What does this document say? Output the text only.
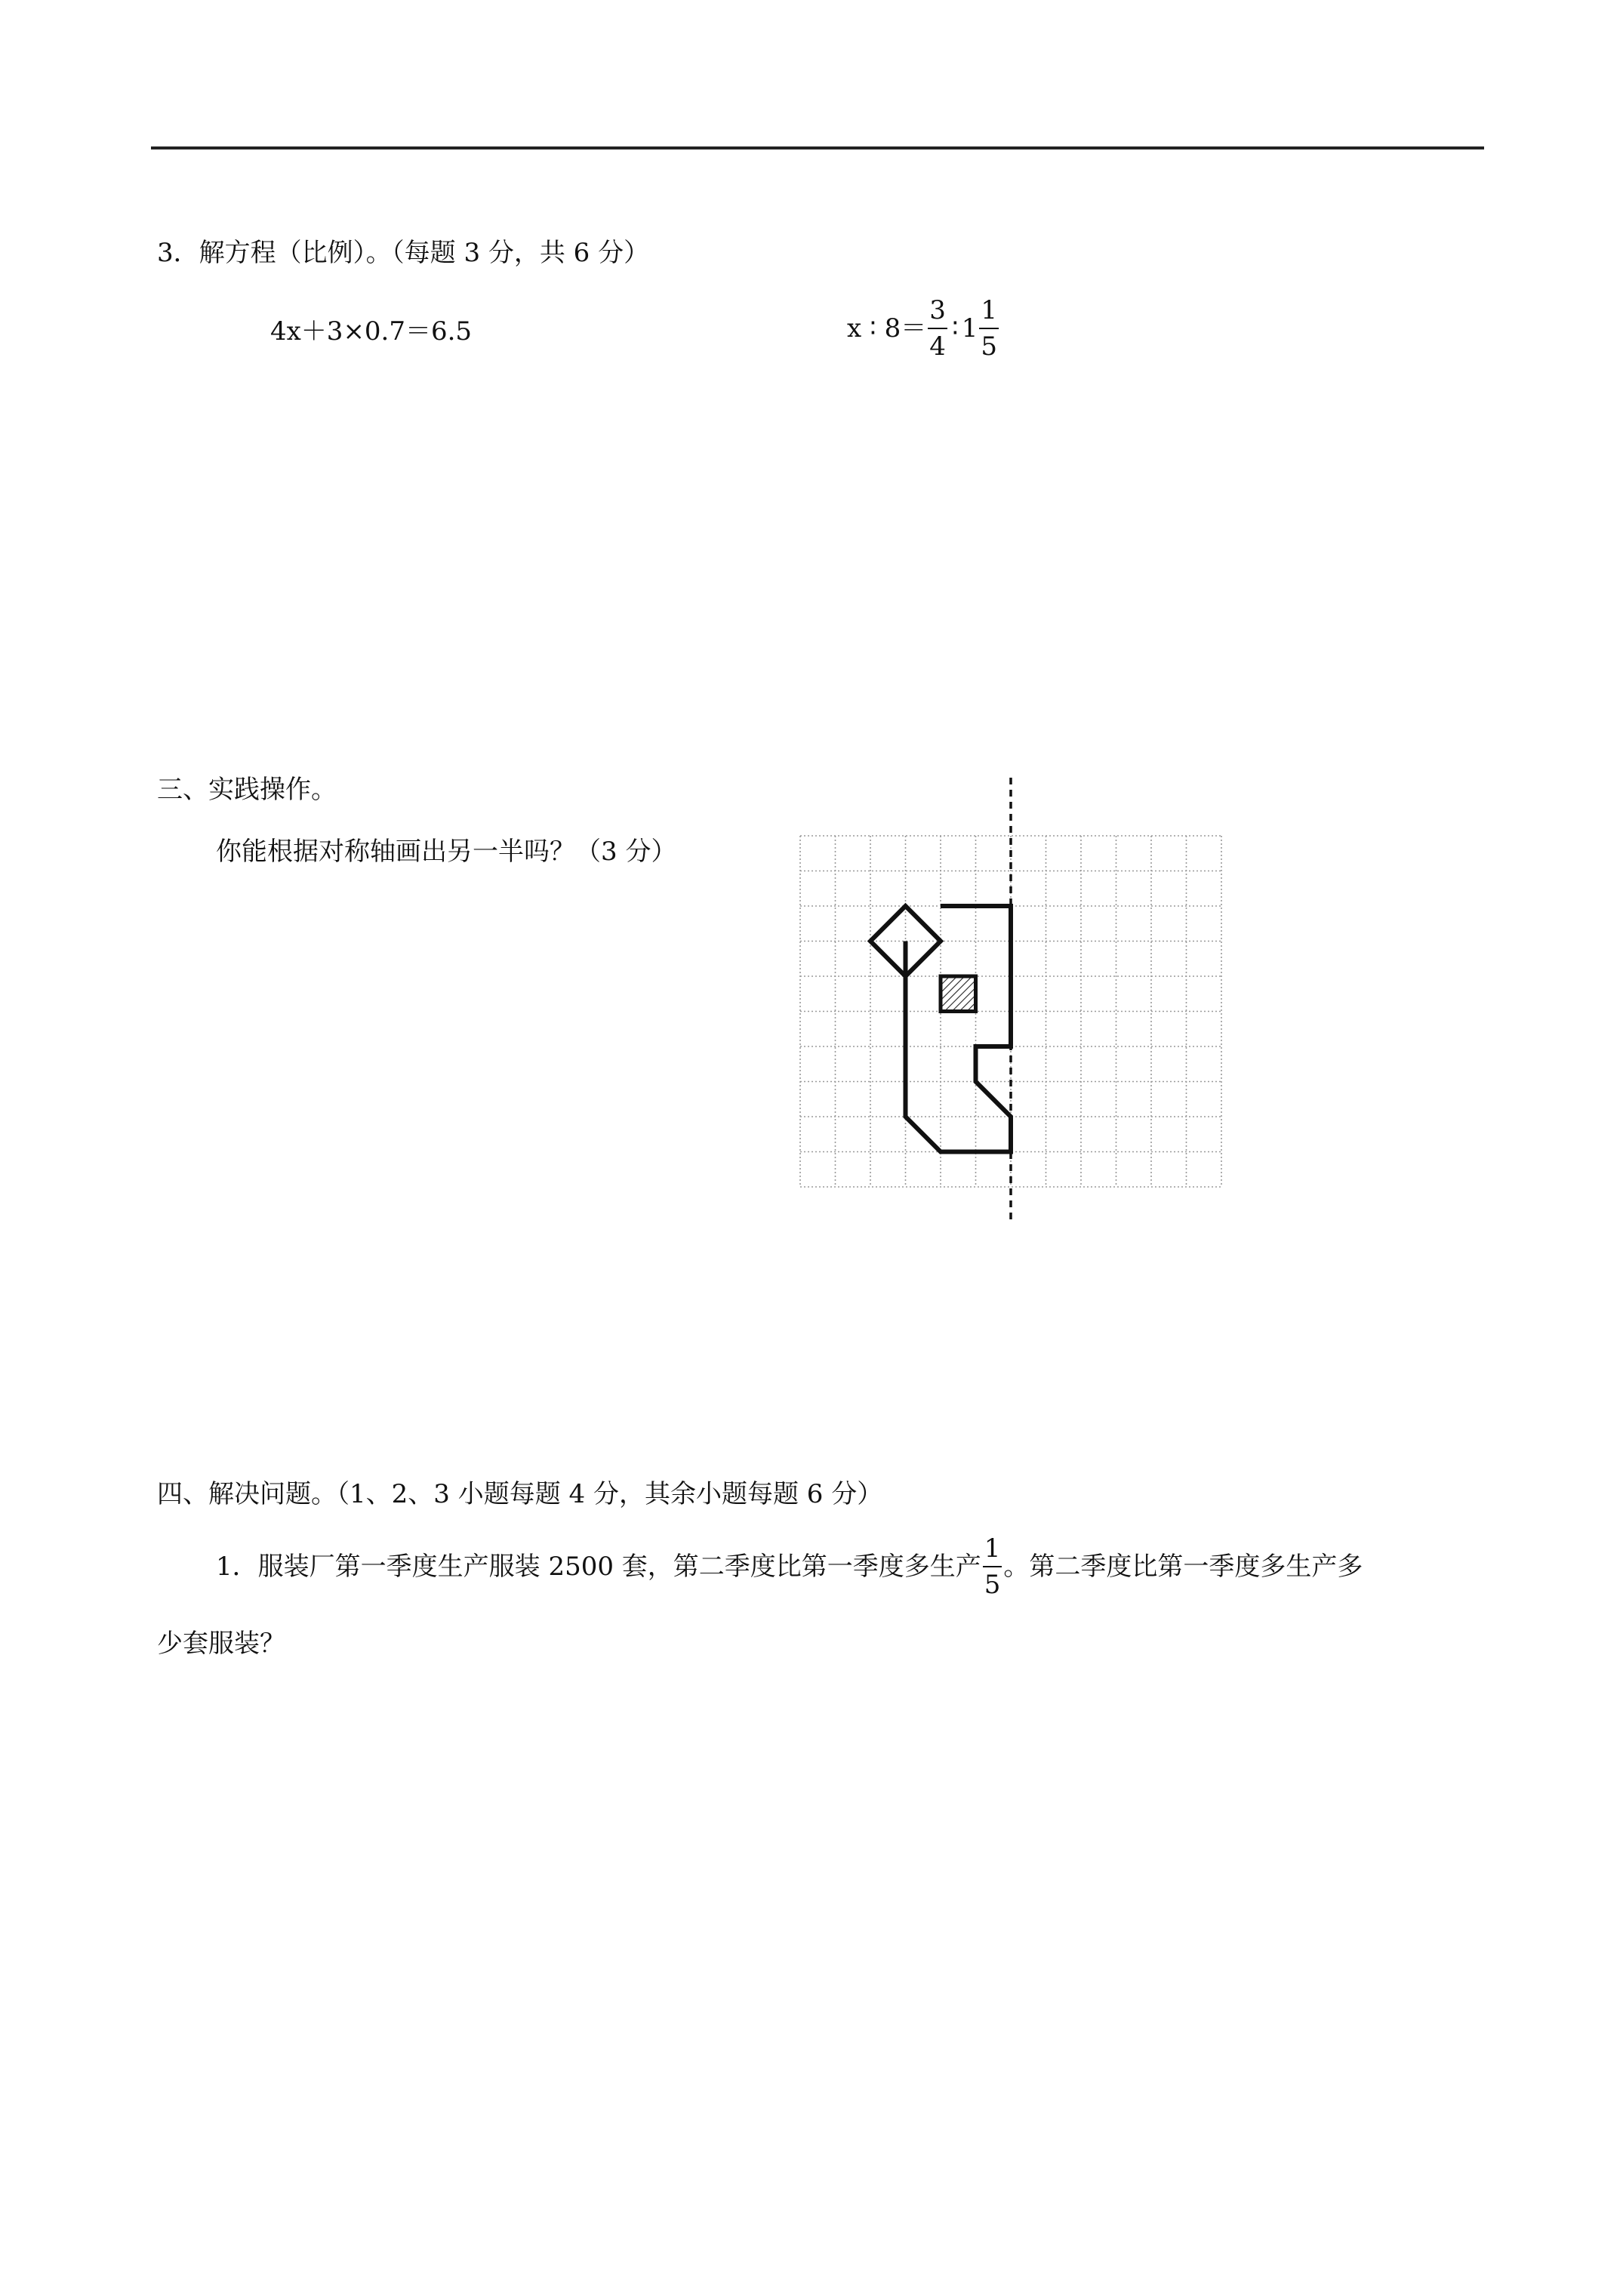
3．解方程（比例）。（每题 3 分，共 6 分）
4x＋3×0.7＝6.5	x ∶ $8= \frac{3}{4}$ ∶ $1 \frac{1}{5}$
三、实践操作。
你能根据对称轴画出另一半吗？（3 分）
四、解决问题。（1、2、3 小题每题 4 分，其余小题每题 6 分）
1．服装厂第一季度生产服装 2500 套，第二季度比第一季度多生产 $\frac{1}{5}$ 。第二季度比第一季度多生产多
少套服装？
